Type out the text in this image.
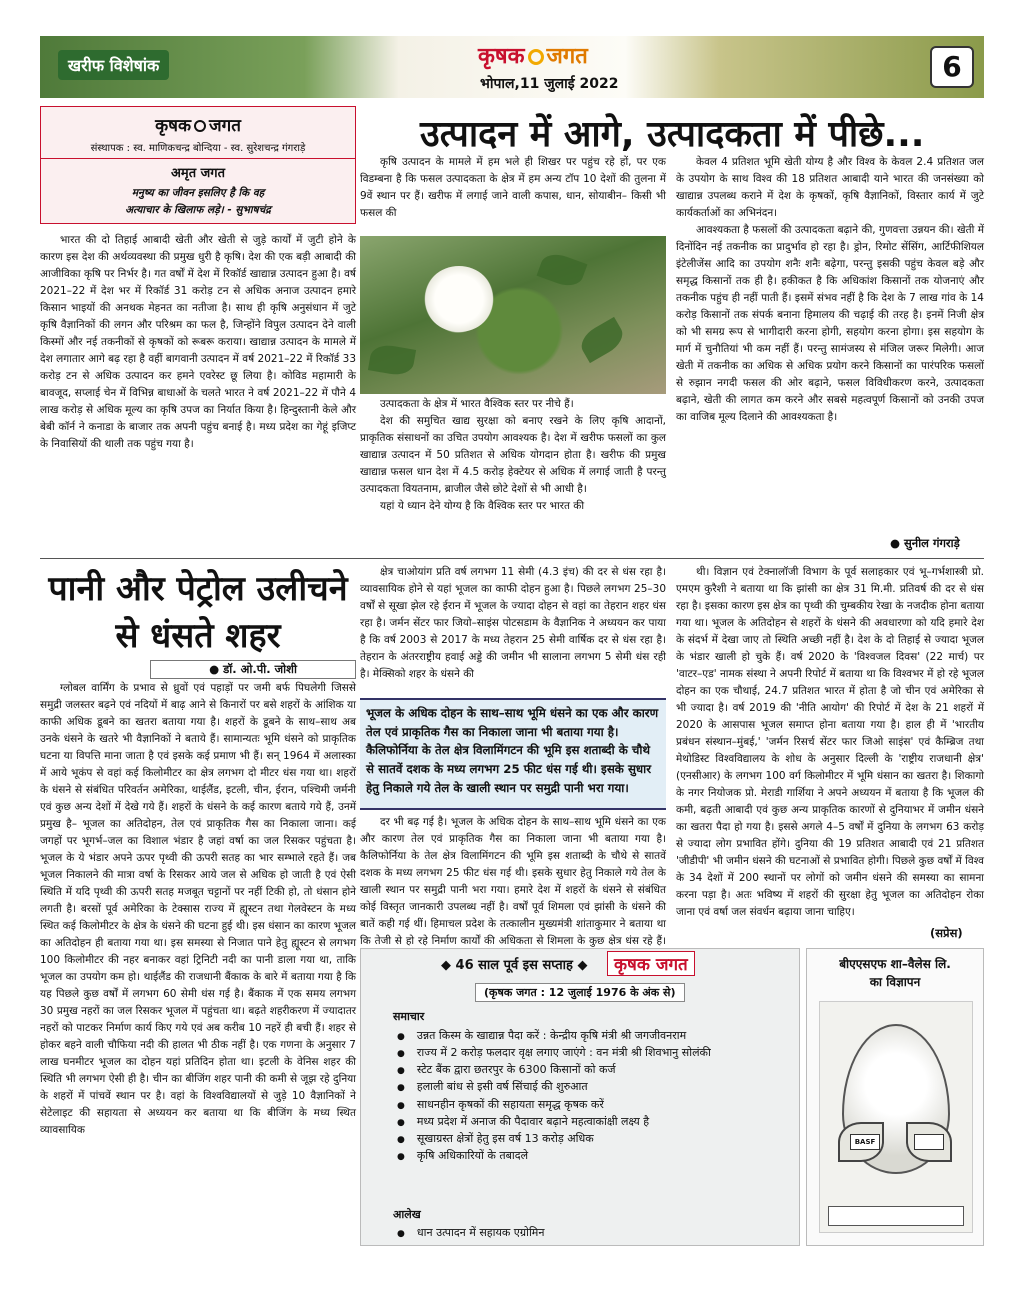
खरीफ विशेषांक	कृषक जगत
भोपाल,11 जुलाई 2022
6
कृषक जगत
संस्थापक : स्व. माणिकचन्द्र बोन्दिया - स्व. सुरेशचन्द्र गंगराड़े
अमृत जगत
मनुष्य का जीवन इसलिए है कि वह
अत्याचार के खिलाफ लड़े। - सुभाषचंद्र
उत्पादन में आगे, उत्पादकता में पीछे...

भारत की दो तिहाई आबादी खेती और खेती से जुड़े कार्यों में जुटी होने के कारण इस देश की अर्थव्यवस्था की प्रमुख धुरी है कृषि। देश की एक बड़ी आबादी की आजीविका कृषि पर निर्भर है। गत वर्षों में देश में रिकॉर्ड खाद्यान्न उत्पादन हुआ है। वर्ष 2021–22 में देश भर में रिकॉर्ड 31 करोड़ टन से अधिक अनाज उत्पादन हमारे किसान भाइयों की अनथक मेहनत का नतीजा है। साथ ही कृषि अनुसंधान में जुटे कृषि वैज्ञानिकों की लगन और परिश्रम का फल है, जिन्होंने विपुल उत्पादन देने वाली किस्मों और नई तकनीकों से कृषकों को रूबरू कराया। खाद्यान्न उत्पादन के मामले में देश लगातार आगे बढ़ रहा है वहीं बागवानी उत्पादन में वर्ष 2021–22 में रिकॉर्ड 33 करोड़ टन से अधिक उत्पादन कर हमने एवरेस्ट छू लिया है। कोविड महामारी के बावजूद, सप्लाई चेन में विभिन्न बाधाओं के चलते भारत ने वर्ष 2021–22 में पौने 4 लाख करोड़ से अधिक मूल्य का कृषि उपज का निर्यात किया है। हिन्दुस्तानी केले और बेबी कॉर्न ने कनाडा के बाजार तक अपनी पहुंच बनाई है। मध्य प्रदेश का गेहूं इजिप्ट के निवासियों की थाली तक पहुंच गया है।

कृषि उत्पादन के मामले में हम भले ही शिखर पर पहुंच रहे हों, पर एक विडम्बना है कि फसल उत्पादकता के क्षेत्र में हम अन्य टॉप 10 देशों की तुलना में 9वें स्थान पर हैं। खरीफ में लगाई जाने वाली कपास, धान, सोयाबीन– किसी भी फसल की

उत्पादकता के क्षेत्र में भारत वैश्विक स्तर पर नीचे हैं।

देश की समुचित खाद्य सुरक्षा को बनाए रखने के लिए कृषि आदानों, प्राकृतिक संसाधनों का उचित उपयोग आवश्यक है। देश में खरीफ फसलों का कुल खाद्यान्न उत्पादन में 50 प्रतिशत से अधिक योगदान होता है। खरीफ की प्रमुख खाद्यान्न फसल धान देश में 4.5 करोड़ हेक्टेयर से अधिक में लगाई जाती है परन्तु उत्पादकता वियतनाम, ब्राजील जैसे छोटे देशों से भी आधी है।

यहां ये ध्यान देने योग्य है कि वैश्विक स्तर पर भारत की

केवल 4 प्रतिशत भूमि खेती योग्य है और विश्व के केवल 2.4 प्रतिशत जल के उपयोग के साथ विश्व की 18 प्रतिशत आबादी याने भारत की जनसंख्या को खाद्यान्न उपलब्ध कराने में देश के कृषकों, कृषि वैज्ञानिकों, विस्तार कार्य में जुटे कार्यकर्ताओं का अभिनंदन।

आवश्यकता है फसलों की उत्पादकता बढ़ाने की, गुणवत्ता उन्नयन की। खेती में दिनोंदिन नई तकनीक का प्रादुर्भाव हो रहा है। ड्रोन, रिमोट सेंसिंग, आर्टिफीशियल इंटेलीजेंस आदि का उपयोग शनैः शनैः बढ़ेगा, परन्तु इसकी पहुंच केवल बड़े और समृद्ध किसानों तक ही है। हकीकत है कि अधिकांश किसानों तक योजनाएं और तकनीक पहुंच ही नहीं पाती हैं। इसमें संभव नहीं है कि देश के 7 लाख गांव के 14 करोड़ किसानों तक संपर्क बनाना हिमालय की चढ़ाई की तरह है। इनमें निजी क्षेत्र को भी समग्र रूप से भागीदारी करना होगी, सहयोग करना होगा। इस सहयोग के मार्ग में चुनौतियां भी कम नहीं हैं। परन्तु सामंजस्य से मंजिल जरूर मिलेगी। आज खेती में तकनीक का अधिक से अधिक प्रयोग करने किसानों का पारंपरिक फसलों से रुझान नगदी फसल की ओर बढ़ाने, फसल विविधीकरण करने, उत्पादकता बढ़ाने, खेती की लागत कम करने और सबसे महत्वपूर्ण किसानों को उनकी उपज का वाजिब मूल्य दिलाने की आवश्यकता है।

● सुनील गंगराड़े
पानी और पेट्रोल उलीचने
से धंसते शहर
● डॉ. ओ.पी. जोशी

ग्लोबल वार्मिंग के प्रभाव से ध्रुवों एवं पहाड़ों पर जमी बर्फ पिघलेगी जिससे समुद्री जलस्तर बढ़ने एवं नदियों में बाढ़ आने से किनारों पर बसे शहरों के आंशिक या काफी अधिक डूबने का खतरा बताया गया है। शहरों के डूबने के साथ–साथ अब उनके धंसने के खतरे भी वैज्ञानिकों ने बताये हैं। सामान्यतः भूमि धंसने को प्राकृतिक घटना या विपत्ति माना जाता है एवं इसके कई प्रमाण भी हैं। सन् 1964 में अलास्का में आये भूकंप से वहां कई किलोमीटर का क्षेत्र लगभग दो मीटर धंस गया था। शहरों के धंसने से संबंधित परिवर्तन अमेरिका, थाईलैंड, इटली, चीन, ईरान, पश्चिमी जर्मनी एवं कुछ अन्य देशों में देखे गये हैं। शहरों के धंसने के कई कारण बताये गये हैं, उनमें प्रमुख है– भूजल का अतिदोहन, तेल एवं प्राकृतिक गैस का निकाला जाना। कई जगहों पर भूगर्भ–जल का विशाल भंडार है जहां वर्षा का जल रिसकर पहुंचता है। भूजल के ये भंडार अपने ऊपर पृथ्वी की ऊपरी सतह का भार सम्भाले रहते हैं। जब भूजल निकालने की मात्रा वर्षा के रिसकर आये जल से अधिक हो जाती है एवं ऐसी स्थिति में यदि पृथ्वी की ऊपरी सतह मजबूत चट्टानों पर नहीं टिकी हो, तो धंसान होने लगती है। बरसों पूर्व अमेरिका के टेक्सास राज्य में ह्यूस्टन तथा गेलवेस्टन के मध्य स्थित कई किलोमीटर के क्षेत्र के धंसने की घटना हुई थी। इस धंसान का कारण भूजल का अतिदोहन ही बताया गया था। इस समस्या से निजात पाने हेतु ह्यूस्टन से लगभग 100 किलोमीटर की नहर बनाकर वहां ट्रिनिटी नदी का पानी डाला गया था, ताकि भूजल का उपयोग कम हो। थाईलैंड की राजधानी बैंकाक के बारे में बताया गया है कि यह पिछले कुछ वर्षों में लगभग 60 सेमी धंस गई है। बैंकाक में एक समय लगभग 30 प्रमुख नहरों का जल रिसकर भूजल में पहुंचता था। बढ़ते शहरीकरण में ज्यादातर नहरों को पाटकर निर्माण कार्य किए गये एवं अब करीब 10 नहरें ही बची हैं। शहर से होकर बहने वाली चौफिया नदी की हालत भी ठीक नहीं है। एक गणना के अनुसार 7 लाख घनमीटर भूजल का दोहन यहां प्रतिदिन होता था। इटली के वेनिस शहर की स्थिति भी लगभग ऐसी ही है। चीन का बीजिंग शहर पानी की कमी से जूझ रहे दुनिया के शहरों में पांचवें स्थान पर है। वहां के विश्वविद्यालयों से जुड़े 10 वैज्ञानिकों ने सेटेलाइट की सहायता से अध्ययन कर बताया था कि बीजिंग के मध्य स्थित व्यावसायिक

क्षेत्र चाओयांग प्रति वर्ष लगभग 11 सेमी (4.3 इंच) की दर से धंस रहा है। व्यावसायिक होने से यहां भूजल का काफी दोहन हुआ है। पिछले लगभग 25–30 वर्षों से सूखा झेल रहे ईरान में भूजल के ज्यादा दोहन से वहां का तेहरान शहर धंस रहा है। जर्मन सेंटर फार जियो–साइंस पोटसडाम के वैज्ञानिक ने अध्ययन कर पाया है कि वर्ष 2003 से 2017 के मध्य तेहरान 25 सेमी वार्षिक दर से धंस रहा है। तेहरान के अंतरराष्ट्रीय हवाई अड्डे की जमीन भी सालाना लगभग 5 सेमी धंस रही है। मेक्सिको शहर के धंसने की

भूजल के अधिक दोहन के साथ–साथ भूमि धंसने का एक और कारण तेल एवं प्राकृतिक गैस का निकाला जाना भी बताया गया है। कैलिफोर्निया के तेल क्षेत्र विलामिंगटन की भूमि इस शताब्दी के चौथे से सातवें दशक के मध्य लगभग 25 फीट धंस गई थी। इसके सुधार हेतु निकाले गये तेल के खाली स्थान पर समुद्री पानी भरा गया।

दर भी बढ़ गई है। भूजल के अधिक दोहन के साथ–साथ भूमि धंसने का एक और कारण तेल एवं प्राकृतिक गैस का निकाला जाना भी बताया गया है। कैलिफोर्निया के तेल क्षेत्र विलामिंगटन की भूमि इस शताब्दी के चौथे से सातवें दशक के मध्य लगभग 25 फीट धंस गई थी। इसके सुधार हेतु निकाले गये तेल के खाली स्थान पर समुद्री पानी भरा गया। हमारे देश में शहरों के धंसने से संबंधित कोई विस्तृत जानकारी उपलब्ध नहीं है। वर्षों पूर्व शिमला एवं झांसी के धंसने की बातें कही गई थीं। हिमाचल प्रदेश के तत्कालीन मुख्यमंत्री शांताकुमार ने बताया था कि तेजी से हो रहे निर्माण कार्यों की अधिकता से शिमला के कुछ क्षेत्र धंस रहे हैं।

थी। विज्ञान एवं टेक्नालॉजी विभाग के पूर्व सलाहकार एवं भू–गर्भशास्त्री प्रो. एमएम कुरैशी ने बताया था कि झांसी का क्षेत्र 31 मि.मी. प्रतिवर्ष की दर से धंस रहा है। इसका कारण इस क्षेत्र का पृथ्वी की चुम्बकीय रेखा के नजदीक होना बताया गया था। भूजल के अतिदोहन से शहरों के धंसने की अवधारणा को यदि हमारे देश के संदर्भ में देखा जाए तो स्थिति अच्छी नहीं है। देश के दो तिहाई से ज्यादा भूजल के भंडार खाली हो चुके हैं। वर्ष 2020 के 'विश्वजल दिवस' (22 मार्च) पर 'वाटर–एड' नामक संस्था ने अपनी रिपोर्ट में बताया था कि विश्वभर में हो रहे भूजल दोहन का एक चौथाई, 24.7 प्रतिशत भारत में होता है जो चीन एवं अमेरिका से भी ज्यादा है। वर्ष 2019 की 'नीति आयोग' की रिपोर्ट में देश के 21 शहरों में 2020 के आसपास भूजल समाप्त होना बताया गया है। हाल ही में 'भारतीय प्रबंधन संस्थान–मुंबई,' 'जर्मन रिसर्च सेंटर फार जिओ साइंस' एवं कैम्ब्रिज तथा मेथोडिस्ट विश्वविद्यालय के शोध के अनुसार दिल्ली के 'राष्ट्रीय राजधानी क्षेत्र' (एनसीआर) के लगभग 100 वर्ग किलोमीटर में भूमि धंसान का खतरा है। शिकागो के नगर नियोजक प्रो. मेराडी गार्शिया ने अपने अध्ययन में बताया है कि भूजल की कमी, बढ़ती आबादी एवं कुछ अन्य प्राकृतिक कारणों से दुनियाभर में जमीन धंसने का खतरा पैदा हो गया है। इससे अगले 4–5 वर्षों में दुनिया के लगभग 63 करोड़ से ज्यादा लोग प्रभावित होंगे। दुनिया की 19 प्रतिशत आबादी एवं 21 प्रतिशत 'जीडीपी' भी जमीन धंसने की घटनाओं से प्रभावित होगी। पिछले कुछ वर्षों में विश्व के 34 देशों में 200 स्थानों पर लोगों को जमीन धंसने की समस्या का सामना करना पड़ा है। अतः भविष्य में शहरों की सुरक्षा हेतु भूजल का अतिदोहन रोका जाना एवं वर्षा जल संवर्धन बढ़ाया जाना चाहिए।

(सप्रेस)
◆ 46 साल पूर्व इस सप्ताह ◆	कृषक जगत
(कृषक जगत : 12 जुलाई 1976 के अंक से)
समाचार
● उन्नत किस्म के खाद्यान्न पैदा करें : केन्द्रीय कृषि मंत्री श्री जगजीवनराम
● राज्य में 2 करोड़ फलदार वृक्ष लगाए जाएंगे : वन मंत्री श्री शिवभानु सोलंकी
● स्टेट बैंक द्वारा छतरपुर के 6300 किसानों को कर्ज
● हलाली बांध से इसी वर्ष सिंचाई की शुरुआत
● साधनहीन कृषकों की सहायता समृद्ध कृषक करें
● मध्य प्रदेश में अनाज की पैदावार बढ़ाने महत्वाकांक्षी लक्ष्य है
● सूखाग्रस्त क्षेत्रों हेतु इस वर्ष 13 करोड़ अधिक
● कृषि अधिकारियों के तबादले
आलेख
● धान उत्पादन में सहायक एग्रोमिन
बीएएसएफ शा–वैलेस लि.
का विज्ञापन
BASF
